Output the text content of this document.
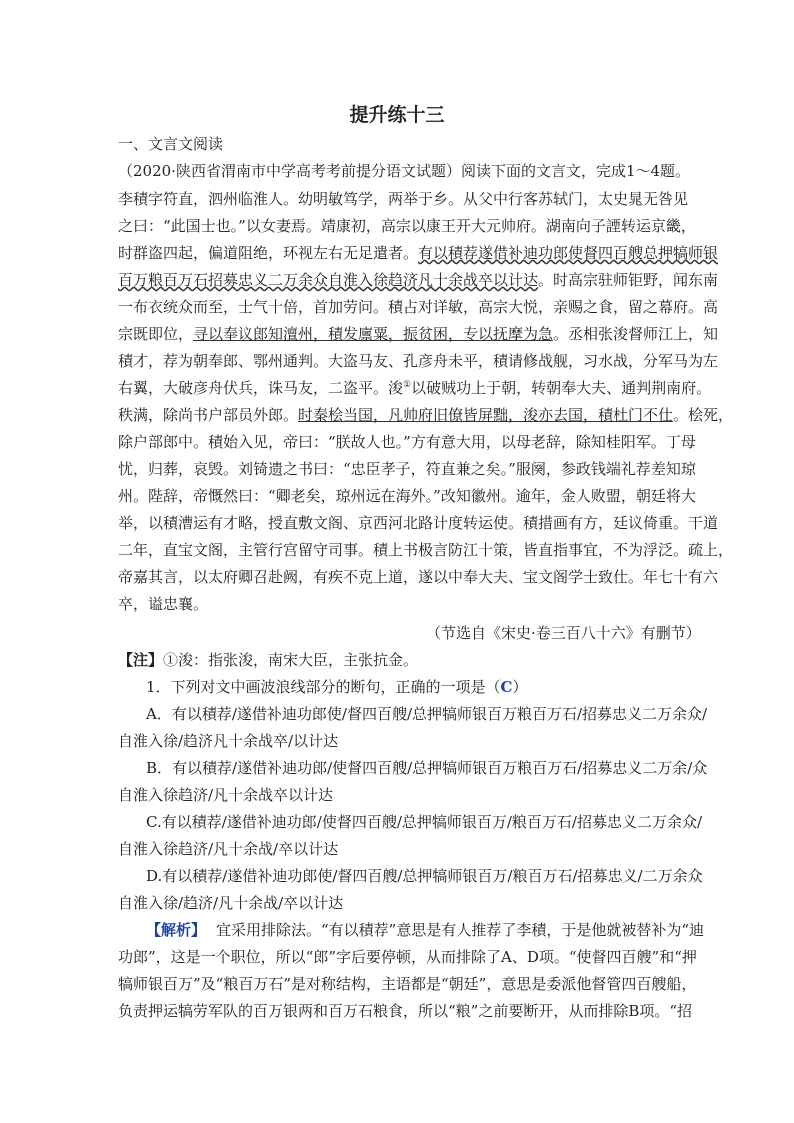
提升练十三
一、文言文阅读
（2020·陕西省渭南市中学高考考前提分语文试题）阅读下面的文言文，完成1～4题。
李積字符直，泗州临淮人。幼明敏笃学，两举于乡。从父中行客苏轼门，太史晁无咎见
之曰：“此国士也。”以女妻焉。靖康初，高宗以康王开大元帅府。湖南向子諲转运京畿，
时群盗四起，偏道阻绝，环视左右无足遣者。有以積荐遂借补迪功郎使督四百艘总押犒师银
百万粮百万石招募忠义二万余众自淮入徐趋济凡十余战卒以计达。时高宗驻师钜野，闻东南
一布衣统众而至，士气十倍，首加劳问。積占对详敏，高宗大悦，亲赐之食，留之幕府。高
宗既即位，寻以奉议郎知澶州，積发廪粟，振贫困，专以抚摩为急。丞相张浚督师江上，知
積才，荐为朝奉郎、鄂州通判。大盗马友、孔彦舟未平，積请修战舰，习水战，分军马为左
右翼，大破彦舟伏兵，诛马友，二盗平。浚①以破贼功上于朝，转朝奉大夫、通判荆南府。
秩满，除尚书户部员外郎。时秦桧当国，凡帅府旧僚皆屏黜，浚亦去国，積杜门不仕。桧死，
除户部郎中。積始入见，帝曰：“朕故人也。”方有意大用，以母老辞，除知桂阳军。丁母
忧，归葬，哀毁。刘锜遗之书曰：“忠臣孝子，符直兼之矣。”服阕，参政钱端礼荐差知琼
州。陛辞，帝慨然曰：“卿老矣，琼州远在海外。”改知徽州。逾年，金人败盟，朝廷将大
举，以積漕运有才略，授直敷文阁、京西河北路计度转运使。積措画有方，廷议倚重。干道
二年，直宝文阁，主管行宫留守司事。積上书极言防江十策，皆直指事宜，不为浮泛。疏上，
帝嘉其言，以太府卿召赴阙，有疾不克上道，遂以中奉大夫、宝文阁学士致仕。年七十有六
卒，谥忠襄。
（节选自《宋史·卷三百八十六》有删节）
【注】①浚：指张浚，南宋大臣，主张抗金。
1．下列对文中画波浪线部分的断句，正确的一项是（C）
A．有以積荐/遂借补迪功郎使/督四百艘/总押犒师银百万粮百万石/招募忠义二万余众/
自淮入徐/趋济凡十余战卒/以计达
B．有以積荐/遂借补迪功郎/使督四百艘/总押犒师银百万粮百万石/招募忠义二万余/众
自淮入徐趋济/凡十余战卒以计达
C.有以積荐/遂借补迪功郎/使督四百艘/总押犒师银百万/粮百万石/招募忠义二万余众/
自淮入徐趋济/凡十余战/卒以计达
D.有以積荐/遂借补迪功郎使/督四百艘/总押犒师银百万/粮百万石/招募忠义/二万余众
自淮入徐/趋济/凡十余战/卒以计达
【解析】 宜采用排除法。“有以積荐”意思是有人推荐了李積，于是他就被替补为“迪
功郎”，这是一个职位，所以“郎”字后要停顿，从而排除了A、D项。“使督四百艘”和“押
犒师银百万”及“粮百万石”是对称结构，主语都是“朝廷”，意思是委派他督管四百艘船，
负责押运犒劳军队的百万银两和百万石粮食，所以“粮”之前要断开，从而排除B项。“招
